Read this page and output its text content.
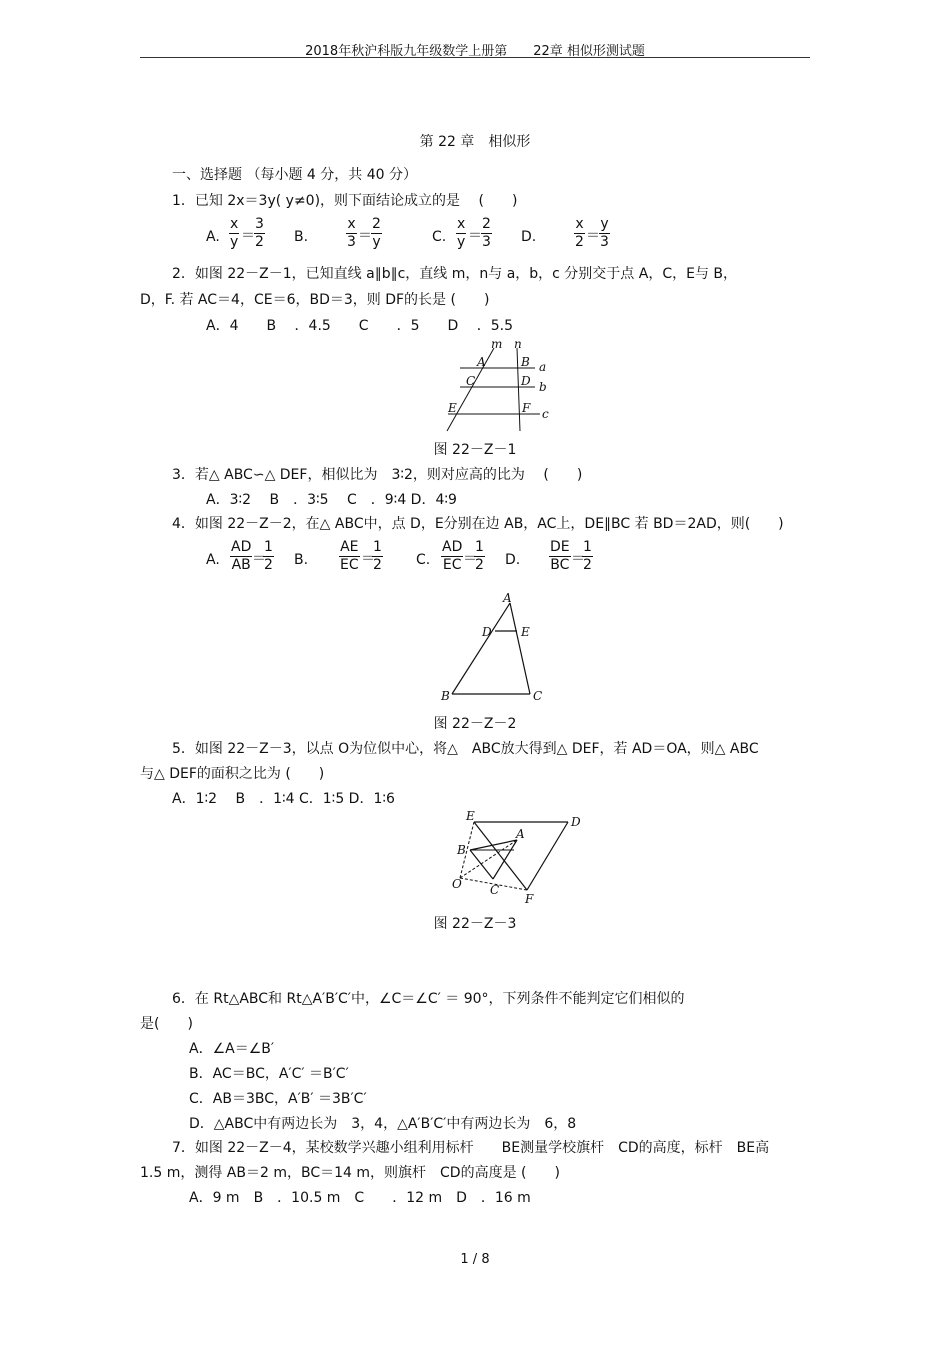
2018年秋沪科版九年级数学上册第　　22章 相似形测试题
第 22 章　相似形
一、选择题 （每小题 4 分，共 40 分）
1．已知 2x＝3y( y≠0)，则下面结论成立的是 　(　　)
A. $\frac{x}{y} = \frac{3}{2} B$.	$\frac{x}{3} = \frac{2}{y}$	C. $\frac{x}{y} = \frac{2}{3} D$.	$\frac{x}{2} = \frac{y}{3}$
2．如图 22－Z－1，已知直线 a∥b∥c，直线 m，n与 a，b，c 分别交于点 A，C，E与 B，
D，F. 若 AC＝4，CE＝6，BD＝3，则 DF的长是 (　　)
A．4　　B　 ．4.5　　C　　．5　　D　 ．5.5
m n
A	B a
C	D b
E	F c
图 22－Z－1
3．若△ ABC∽△ DEF，相似比为　3∶2，则对应高的比为　 (　　)
A．3∶2　 B　．3∶5　 C　．9∶4 D．4∶9
4．如图 22－Z－2，在△ ABC中，点 D，E分别在边 AB，AC上，DE∥BC 若 BD＝2AD，则(　　)
A. $\frac{AD}{AB}$ ＝
$\frac{1}{2} B$. $\frac{AE}{EC}$ ＝
$\frac{1}{2} C$. $\frac{AD}{EC}$ ＝
$\frac{1}{2} D$. $\frac{DE}{BC}$ ＝
$\frac{1}{2}$
A
D E
B	C
图 22－Z－2
5．如图 22－Z－3，以点 O为位似中心，将△　ABC放大得到△ DEF，若 AD＝OA，则△ ABC
与△ DEF的面积之比为 (　　)
A．1∶2　 B　．1∶4 C．1∶5 D．1∶6
E	D
A
B
O C
F
图 22－Z－3
6．在 Rt△ABC和 Rt△A′B′C′中，∠C＝∠C′ ＝ 90°，下列条件不能判定它们相似的
是(　　)
A．∠A＝∠B′
B．AC＝BC，A′C′ ＝B′C′
C．AB＝3BC，A′B′ ＝3B′C′
D．△ABC中有两边长为　3，4，△A′B′C′中有两边长为　6，8
7．如图 22－Z－4，某校数学兴趣小组利用标杆　　BE测量学校旗杆　CD的高度，标杆　BE高
1.5 m，测得 AB＝2 m，BC＝14 m，则旗杆　CD的高度是 (　　)
A．9 m　B　．10.5 m　C　　．12 m　D　．16 m
1 / 8
